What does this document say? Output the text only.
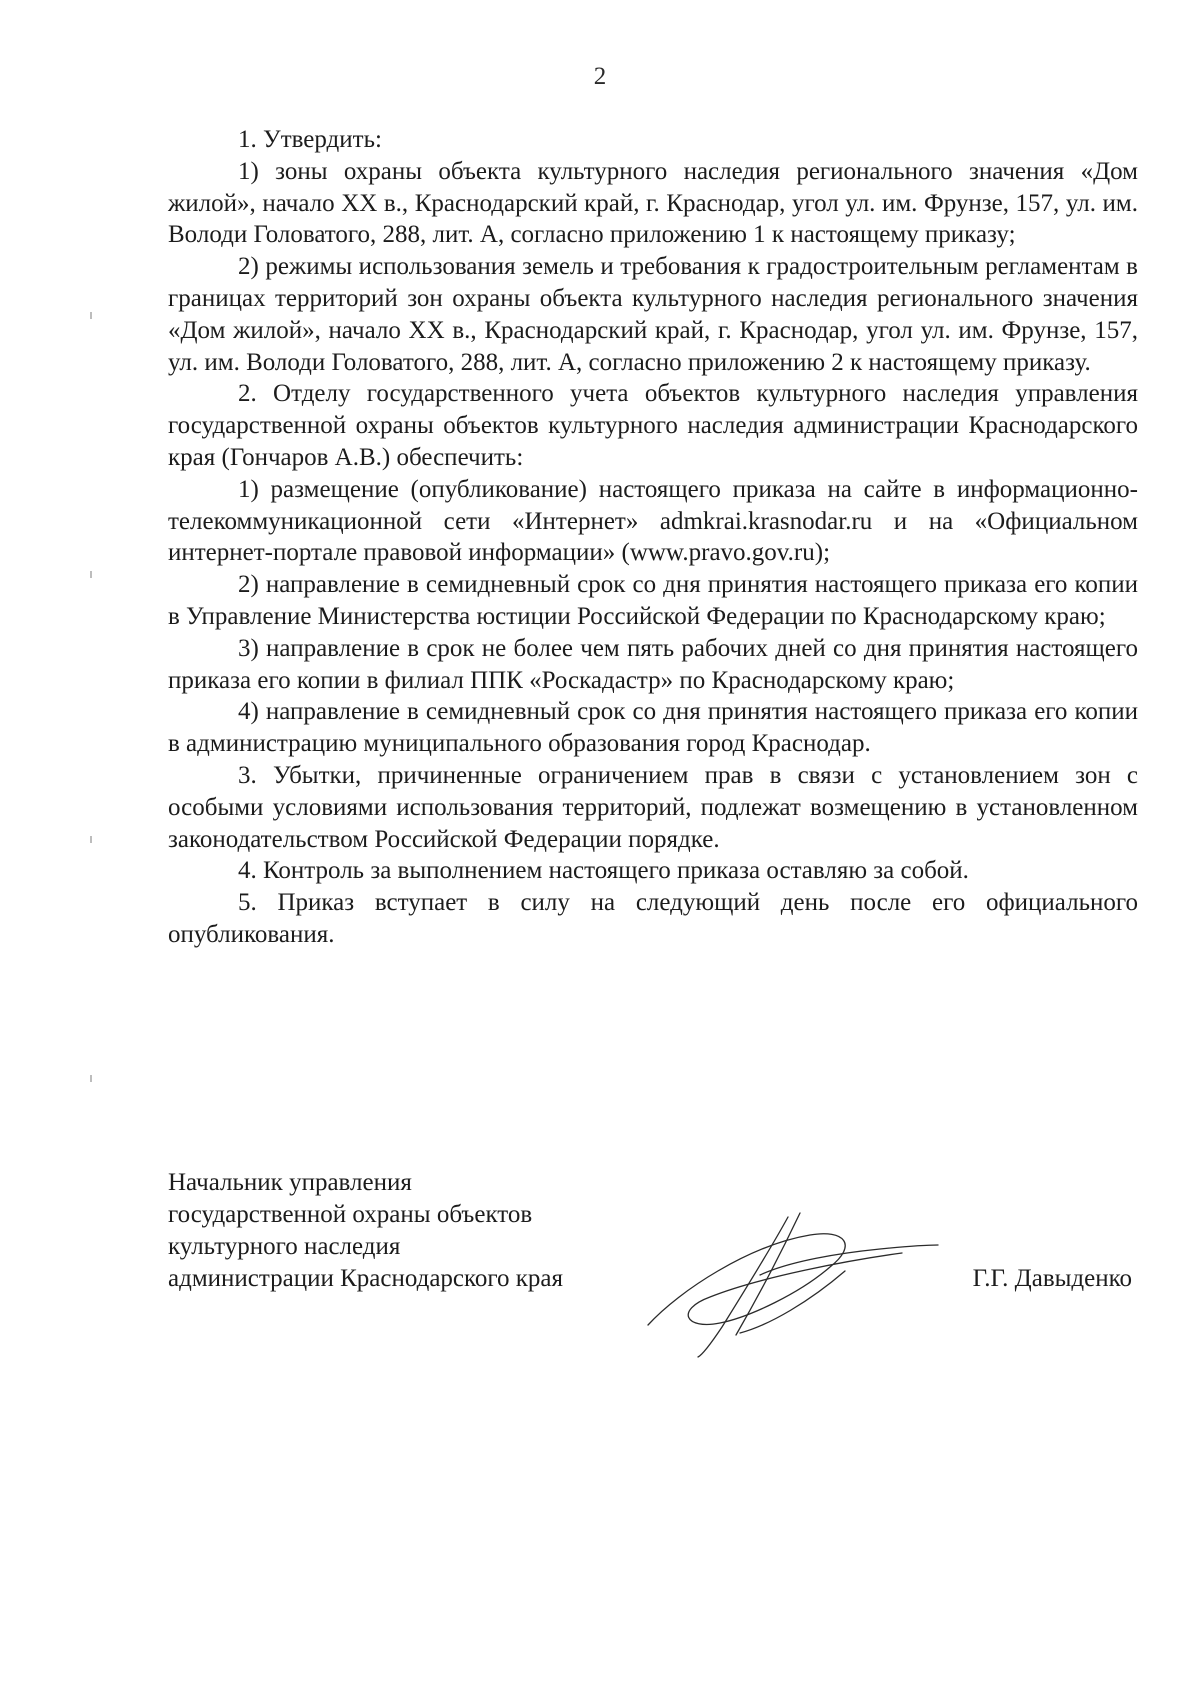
2

1. Утвердить:

1) зоны охраны объекта культурного наследия регионального значения «Дом жилой», начало XX в., Краснодарский край, г. Краснодар, угол ул. им. Фрунзе, 157, ул. им. Володи Головатого, 288, лит. А, согласно приложению 1 к настоящему приказу;

2) режимы использования земель и требования к градостроительным регламентам в границах территорий зон охраны объекта культурного наследия регионального значения «Дом жилой», начало XX в., Краснодарский край, г. Краснодар, угол ул. им. Фрунзе, 157, ул. им. Володи Головатого, 288, лит. А, согласно приложению 2 к настоящему приказу.

2. Отделу государственного учета объектов культурного наследия управления государственной охраны объектов культурного наследия администрации Краснодарского края (Гончаров А.В.) обеспечить:

1) размещение (опубликование) настоящего приказа на сайте в информационно-телекоммуникационной сети «Интернет» admkrai.krasnodar.ru и на «Официальном интернет-портале правовой информации» (www.pravo.gov.ru);

2) направление в семидневный срок со дня принятия настоящего приказа его копии в Управление Министерства юстиции Российской Федерации по Краснодарскому краю;

3) направление в срок не более чем пять рабочих дней со дня принятия настоящего приказа его копии в филиал ППК «Роскадастр» по Краснодарскому краю;

4) направление в семидневный срок со дня принятия настоящего приказа его копии в администрацию муниципального образования город Краснодар.

3. Убытки, причиненные ограничением прав в связи с установлением зон с особыми условиями использования территорий, подлежат возмещению в установленном законодательством Российской Федерации порядке.

4. Контроль за выполнением настоящего приказа оставляю за собой.

5. Приказ вступает в силу на следующий день после его официального опубликования.

Начальник управления
государственной охраны объектов
культурного наследия
администрации Краснодарского края	Г.Г. Давыденко
